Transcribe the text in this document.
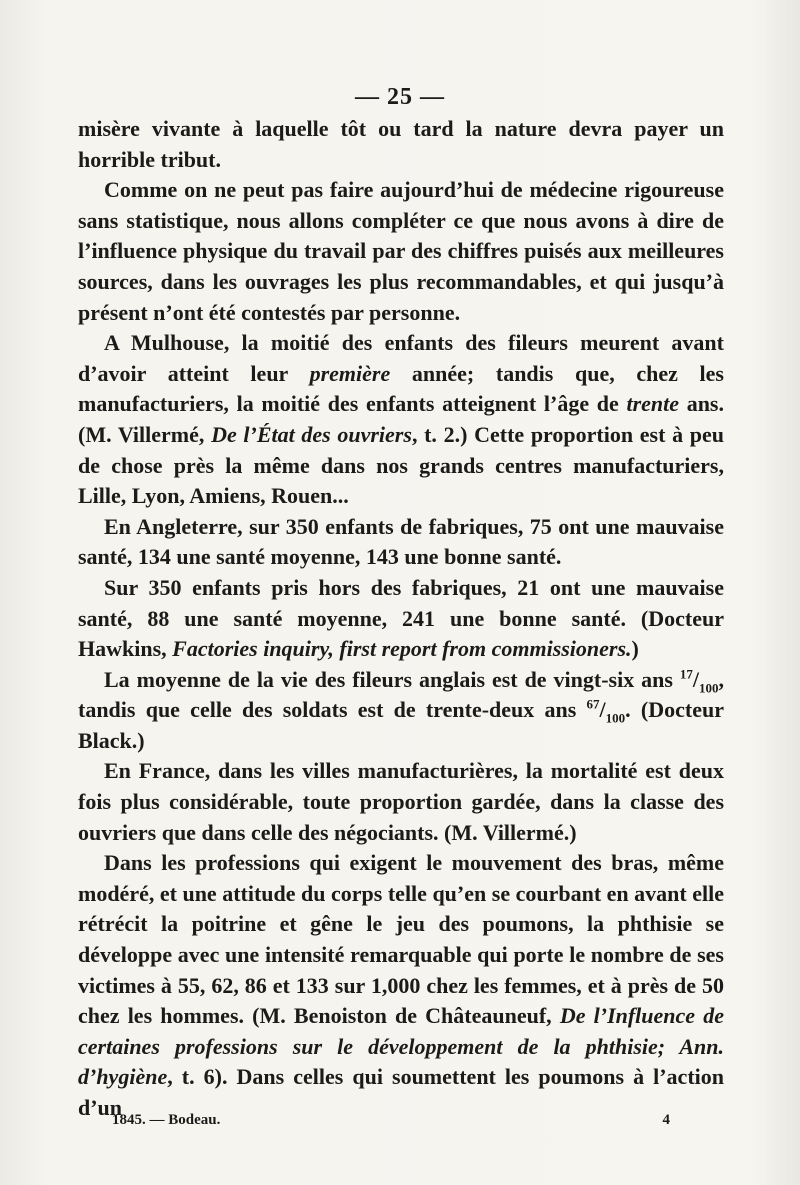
— 25 —

misère vivante à laquelle tôt ou tard la nature devra payer un horrible tribut.

Comme on ne peut pas faire aujourd’hui de médecine rigoureuse sans statistique, nous allons compléter ce que nous avons à dire de l’influence physique du travail par des chiffres puisés aux meilleures sources, dans les ouvrages les plus recommandables, et qui jusqu’à présent n’ont été contestés par personne.

A Mulhouse, la moitié des enfants des fileurs meurent avant d’avoir atteint leur première année; tandis que, chez les manufacturiers, la moitié des enfants atteignent l’âge de trente ans. (M. Villermé, De l’État des ouvriers, t. 2.) Cette proportion est à peu de chose près la même dans nos grands centres manufacturiers, Lille, Lyon, Amiens, Rouen...

En Angleterre, sur 350 enfants de fabriques, 75 ont une mauvaise santé, 134 une santé moyenne, 143 une bonne santé.

Sur 350 enfants pris hors des fabriques, 21 ont une mauvaise santé, 88 une santé moyenne, 241 une bonne santé. (Docteur Hawkins, Factories inquiry, first report from commissioners.)

La moyenne de la vie des fileurs anglais est de vingt-six ans $^{17}/_{100}$, tandis que celle des soldats est de trente-deux ans $^{67}/_{100}$. (Docteur Black.)

En France, dans les villes manufacturières, la mortalité est deux fois plus considérable, toute proportion gardée, dans la classe des ouvriers que dans celle des négociants. (M. Villermé.)

Dans les professions qui exigent le mouvement des bras, même modéré, et une attitude du corps telle qu’en se courbant en avant elle rétrécit la poitrine et gêne le jeu des poumons, la phthisie se développe avec une intensité remarquable qui porte le nombre de ses victimes à 55, 62, 86 et 133 sur 1,000 chez les femmes, et à près de 50 chez les hommes. (M. Benoiston de Châteauneuf, De l’Influence de certaines professions sur le développement de la phthisie; Ann. d’hygiène, t. 6). Dans celles qui soumettent les poumons à l’action d’un

1845. — Bodeau.	4
